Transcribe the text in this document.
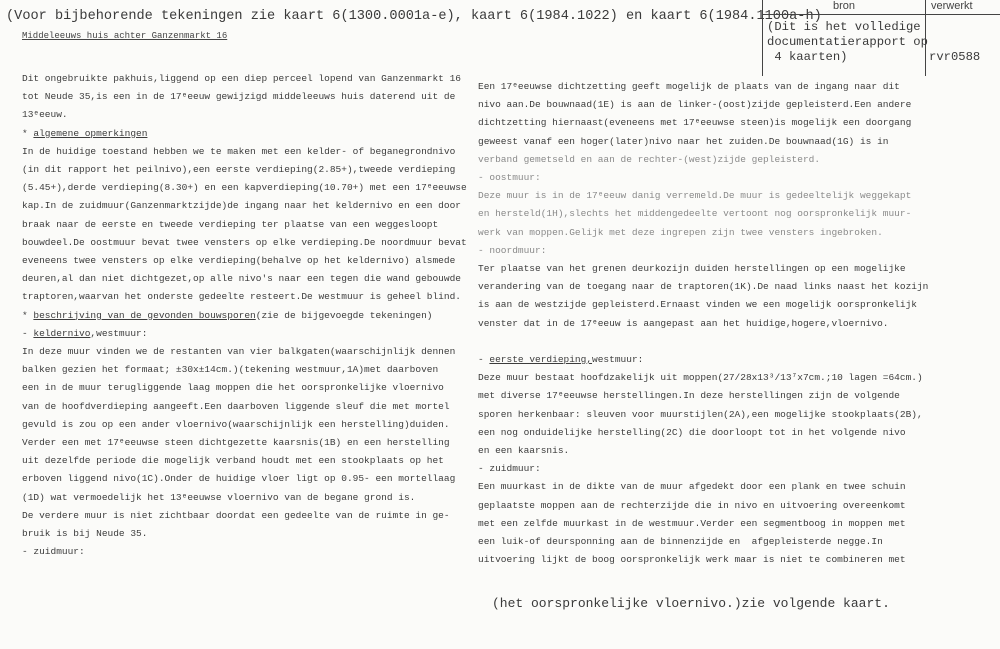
(Voor bijbehorende tekeningen zie kaart 6(1300.0001a-e), kaart 6(1984.1022) en kaart 6(1984.1100a-h)
Middeleeuws huis achter Ganzenmarkt 16
bron	verwerkt
(Dit is het volledige
documentatierapport op
4 kaarten)	rvr0588
Dit ongebruikte pakhuis,liggend op een diep perceel lopend van Ganzenmarkt 16
tot Neude 35,is een in de 17ᵉeeuw gewijzigd middeleeuws huis daterend uit de
13ᵉeeuw.
* algemene opmerkingen
In de huidige toestand hebben we te maken met een kelder- of beganegrondnivo
(in dit rapport het peilnivo),een eerste verdieping(2.85+),tweede verdieping
(5.45+),derde verdieping(8.30+) en een kapverdieping(10.70+) met een 17ᵉeeuwse
kap.In de zuidmuur(Ganzenmarktzijde)de ingang naar het keldernivo en een door
braak naar de eerste en tweede verdieping ter plaatse van een weggesloopt
bouwdeel.De oostmuur bevat twee vensters op elke verdieping.De noordmuur bevat
eveneens twee vensters op elke verdieping(behalve op het keldernivo) alsmede
deuren,al dan niet dichtgezet,op alle nivo's naar een tegen die wand gebouwde
traptoren,waarvan het onderste gedeelte resteert.De westmuur is geheel blind.
* beschrijving van de gevonden bouwsporen(zie de bijgevoegde tekeningen)
- keldernivo,westmuur:
In deze muur vinden we de restanten van vier balkgaten(waarschijnlijk dennen
balken gezien het formaat; ±30x±14cm.)(tekening westmuur,1A)met daarboven
een in de muur terugliggende laag moppen die het oorspronkelijke vloernivo
van de hoofdverdieping aangeeft.Een daarboven liggende sleuf die met mortel
gevuld is zou op een ander vloernivo(waarschijnlijk een herstelling)duiden.
Verder een met 17ᵉeeuwse steen dichtgezette kaarsnis(1B) en een herstelling
uit dezelfde periode die mogelijk verband houdt met een stookplaats op het
erboven liggend nivo(1C).Onder de huidige vloer ligt op 0.95- een mortellaag
(1D) wat vermoedelijk het 13ᵉeeuwse vloernivo van de begane grond is.
De verdere muur is niet zichtbaar doordat een gedeelte van de ruimte in ge-
bruik is bij Neude 35.
- zuidmuur:
Een 17ᵉeeuwse dichtzetting geeft mogelijk de plaats van de ingang naar dit
nivo aan.De bouwnaad(1E) is aan de linker-(oost)zijde gepleisterd.Een andere
dichtzetting hiernaast(eveneens met 17ᵉeeuwse steen)is mogelijk een doorgang
geweest vanaf een hoger(later)nivo naar het zuiden.De bouwnaad(1G) is in
verband gemetseld en aan de rechter-(west)zijde gepleisterd.
- oostmuur:
Deze muur is in de 17ᵉeeuw danig verremeld.De muur is gedeeltelijk weggekapt
en hersteld(1H),slechts het middengedeelte vertoont nog oorspronkelijk muur-
werk van moppen.Gelijk met deze ingrepen zijn twee vensters ingebroken.
- noordmuur:
Ter plaatse van het grenen deurkozijn duiden herstellingen op een mogelijke
verandering van de toegang naar de traptoren(1K).De naad links naast het kozijn
is aan de westzijde gepleisterd.Ernaast vinden we een mogelijk oorspronkelijk
venster dat in de 17ᵉeeuw is aangepast aan het huidige,hogere,vloernivo.
- eerste verdieping,westmuur:
Deze muur bestaat hoofdzakelijk uit moppen(27/28x13³/13⁷x7cm.;10 lagen =64cm.)
met diverse 17ᵉeeuwse herstellingen.In deze herstellingen zijn de volgende
sporen herkenbaar: sleuven voor muurstijlen(2A),een mogelijke stookplaats(2B),
een nog onduidelijke herstelling(2C) die doorloopt tot in het volgende nivo
en een kaarsnis.
- zuidmuur:
Een muurkast in de dikte van de muur afgedekt door een plank en twee schuin
geplaatste moppen aan de rechterzijde die in nivo en uitvoering overeenkomt
met een zelfde muurkast in de westmuur.Verder een segmentboog in moppen met
een luik-of deursponning aan de binnenzijde en  afgepleisterde negge.In
uitvoering lijkt de boog oorspronkelijk werk maar is niet te combineren met
(het oorspronkelijke vloernivo.)zie volgende kaart.
